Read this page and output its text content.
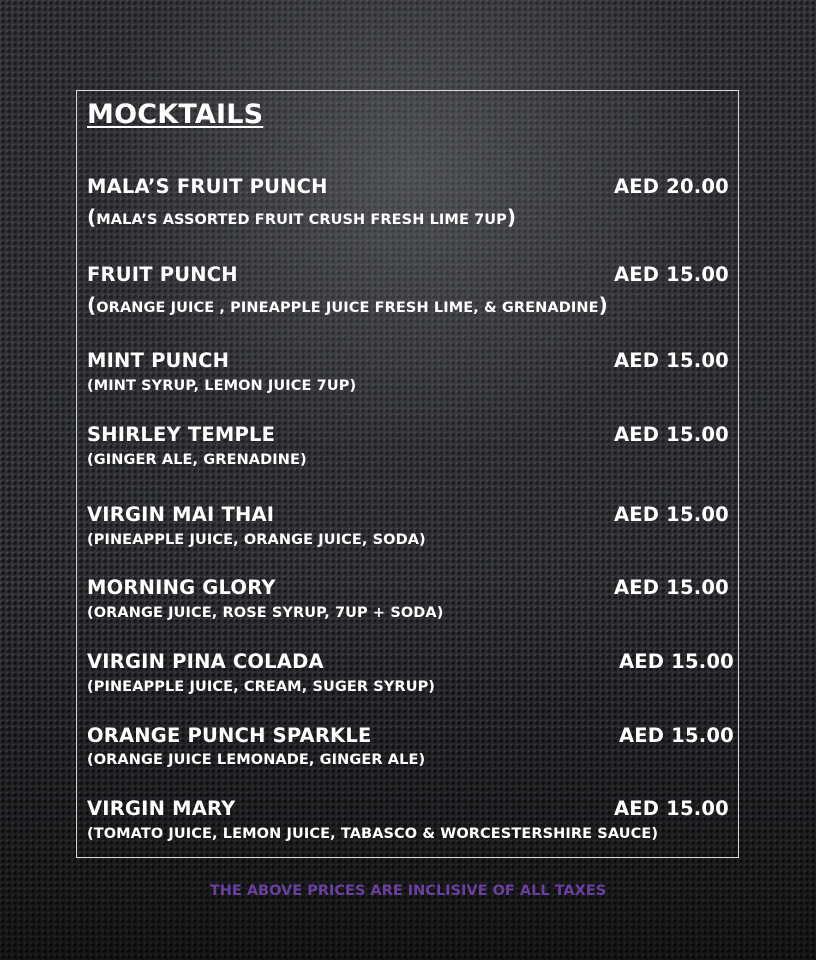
MOCKTAILS
MALA’S FRUIT PUNCH	AED 20.00
(MALA’S ASSORTED FRUIT CRUSH FRESH LIME 7UP)
FRUIT PUNCH	AED 15.00
(ORANGE JUICE , PINEAPPLE JUICE FRESH LIME, & GRENADINE)
MINT PUNCH	AED 15.00
(MINT SYRUP, LEMON JUICE 7UP)
SHIRLEY TEMPLE	AED 15.00
(GINGER ALE, GRENADINE)
VIRGIN MAI THAI	AED 15.00
(PINEAPPLE JUICE, ORANGE JUICE, SODA)
MORNING GLORY	AED 15.00
(ORANGE JUICE, ROSE SYRUP, 7UP + SODA)
VIRGIN PINA COLADA	AED 15.00
(PINEAPPLE JUICE, CREAM, SUGER SYRUP)
ORANGE PUNCH SPARKLE	AED 15.00
(ORANGE JUICE LEMONADE, GINGER ALE)
VIRGIN MARY	AED 15.00
(TOMATO JUICE, LEMON JUICE, TABASCO & WORCESTERSHIRE SAUCE)
THE ABOVE PRICES ARE INCLISIVE OF ALL TAXES
